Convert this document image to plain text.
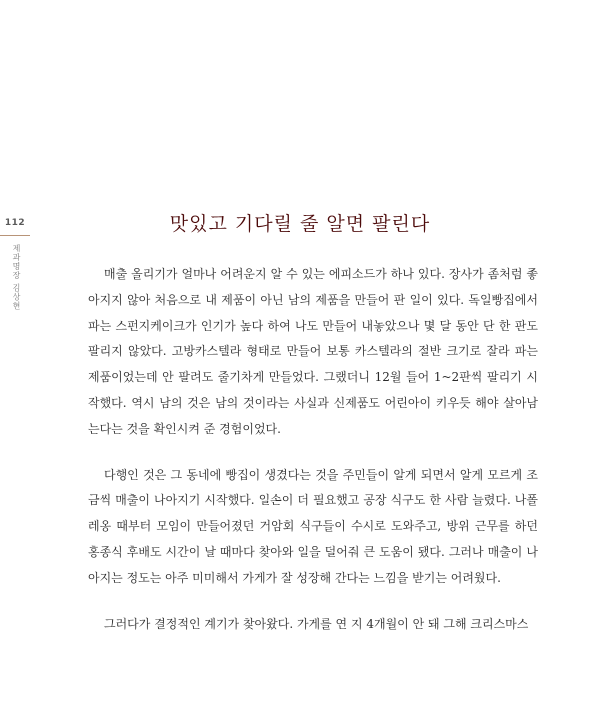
112
제과명장 김상현
맛있고 기다릴 줄 알면 팔린다

매출 올리기가 얼마나 어려운지 알 수 있는 에피소드가 하나 있다. 장사가 좀처럼 좋아지지 않아 처음으로 내 제품이 아닌 남의 제품을 만들어 판 일이 있다. 독일빵집에서 파는 스펀지케이크가 인기가 높다 하여 나도 만들어 내놓았으나 몇 달 동안 단 한 판도 팔리지 않았다. 고방카스텔라 형태로 만들어 보통 카스텔라의 절반 크기로 잘라 파는 제품이었는데 안 팔려도 줄기차게 만들었다. 그랬더니 12월 들어 1~2판씩 팔리기 시작했다. 역시 남의 것은 남의 것이라는 사실과 신제품도 어린아이 키우듯 해야 살아남는다는 것을 확인시켜 준 경험이었다.

다행인 것은 그 동네에 빵집이 생겼다는 것을 주민들이 알게 되면서 알게 모르게 조금씩 매출이 나아지기 시작했다. 일손이 더 필요했고 공장 식구도 한 사람 늘렸다. 나폴레옹 때부터 모임이 만들어졌던 거암회 식구들이 수시로 도와주고, 방위 근무를 하던 홍종식 후배도 시간이 날 때마다 찾아와 일을 덜어줘 큰 도움이 됐다. 그러나 매출이 나아지는 정도는 아주 미미해서 가게가 잘 성장해 간다는 느낌을 받기는 어려웠다.

그러다가 결정적인 계기가 찾아왔다. 가게를 연 지 4개월이 안 돼 그해 크리스마스
